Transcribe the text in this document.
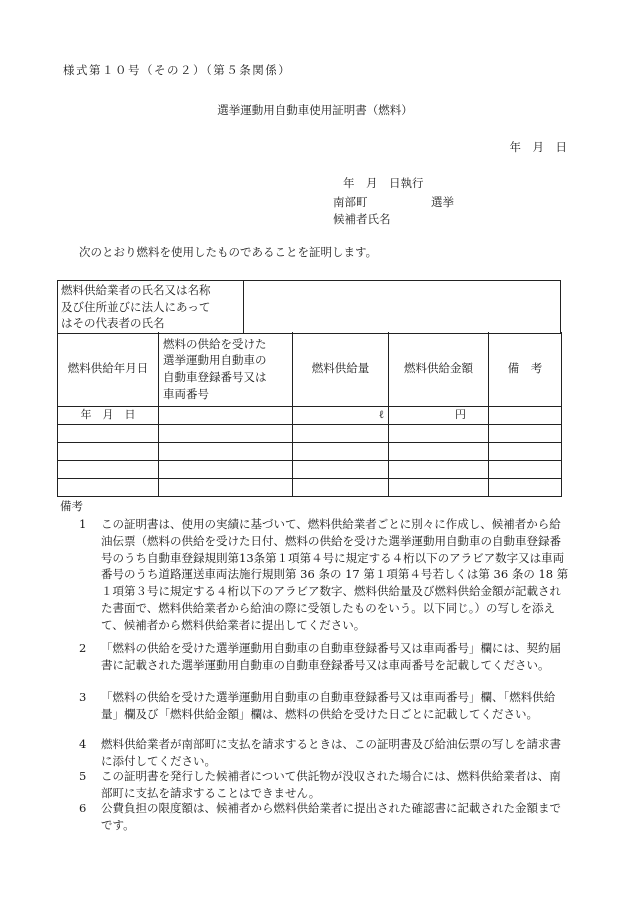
様式第１０号（その２）（第５条関係）
選挙運動用自動車使用証明書（燃料）
年　月　日
年　月　日執行
南部町	選挙
候補者氏名
次のとおり燃料を使用したものであることを証明します。
燃料供給業者の氏名又は名称
及び住所並びに法人にあって
はその代表者の氏名	
燃料供給年月日	燃料の供給を受けた
選挙運動用自動車の
自動車登録番号又は
車両番号	燃料供給量	燃料供給金額	備　考
年　月　日		ℓ	円	

備考
1 この証明書は、使用の実績に基づいて、燃料供給業者ごとに別々に作成し、候補者から給油伝票（燃料の供給を受けた日付、燃料の供給を受けた選挙運動用自動車の自動車登録番号のうち自動車登録規則第13条第１項第４号に規定する４桁以下のアラビア数字又は車両番号のうち道路運送車両法施行規則第 36 条の 17 第１項第４号若しくは第 36 条の 18 第１項第３号に規定する４桁以下のアラビア数字、燃料供給量及び燃料供給金額が記載された書面で、燃料供給業者から給油の際に受領したものをいう。以下同じ。）の写しを添えて、候補者から燃料供給業者に提出してください。
2 「燃料の供給を受けた選挙運動用自動車の自動車登録番号又は車両番号」欄には、契約届書に記載された選挙運動用自動車の自動車登録番号又は車両番号を記載してください。
3 「燃料の供給を受けた選挙運動用自動車の自動車登録番号又は車両番号」欄、「燃料供給量」欄及び「燃料供給金額」欄は、燃料の供給を受けた日ごとに記載してください。
4 燃料供給業者が南部町に支払を請求するときは、この証明書及び給油伝票の写しを請求書に添付してください。
5 この証明書を発行した候補者について供託物が没収された場合には、燃料供給業者は、南部町に支払を請求することはできません。
6 公費負担の限度額は、候補者から燃料供給業者に提出された確認書に記載された金額までです。
